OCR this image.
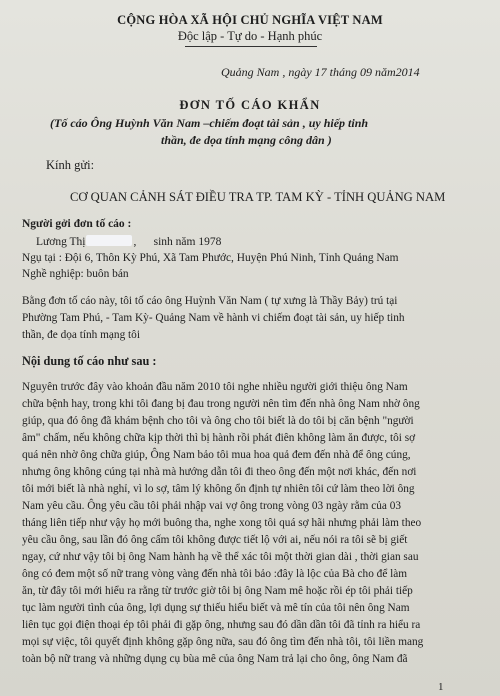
CỘNG HÒA XÃ HỘI CHỦ NGHĨA VIỆT NAM
Độc lập - Tự do - Hạnh phúc
Quảng Nam , ngày 17 tháng 09 năm2014
ĐƠN TỐ CÁO KHẨN
(Tố cáo Ông Huỳnh Văn Nam –chiếm đoạt tài sản , uy hiếp tinh
thần, đe dọa tính mạng công dân )
Kính gửi:
CƠ QUAN CẢNH SÁT ĐIỀU TRA TP. TAM KỲ - TỈNH QUẢNG NAM
Người gởi đơn tố cáo :
Lương Thị	,      sinh năm 1978
Ngụ tại : Đội 6, Thôn Kỳ Phú, Xã Tam Phước, Huyện Phú Ninh, Tỉnh Quảng Nam
Nghề nghiệp: buôn bán
Bằng đơn tố cáo này, tôi tố cáo ông Huỳnh Văn Nam ( tự xưng là Thầy Bảy) trú tại
Phường Tam Phú, - Tam Kỳ- Quảng Nam về hành vi chiếm đoạt tài sản, uy hiếp tinh
thần, đe dọa tính mạng tôi
Nội dung tố cáo như sau :
Nguyên trước đây vào khoản đầu năm 2010 tôi nghe nhiều người giới thiệu ông Nam
chữa bệnh hay, trong khi tôi đang bị đau trong người nên tìm đến nhà ông Nam nhờ ông
giúp, qua đó ông đã khám bệnh cho tôi và ông cho tôi biết là do tôi bị căn bệnh "người
âm" chấm, nếu không chữa kịp thời thì bị hành rồi phát điên không làm ăn được, tôi sợ
quá nên nhờ ông chữa giúp, Ông Nam bảo tôi mua hoa quả đem đến nhà để ông cúng,
nhưng ông không cúng tại nhà mà hướng dẫn tôi đi theo ông đến một nơi khác, đến nơi
tôi mới biết là nhà nghỉ, vì lo sợ, tâm lý không ổn định tự nhiên tôi cứ làm theo lời ông
Nam yêu cầu. Ông yêu cầu tôi phải nhập vai vợ ông trong vòng 03 ngày rằm của 03
tháng liên tiếp như vậy họ mới buông tha, nghe xong tôi quá sợ hãi nhưng phải làm theo
yêu cầu ông, sau lần đó ông cấm tôi không được tiết lộ với ai, nếu nói ra tôi sẽ bị giết
ngay, cứ như vậy tôi bị ông Nam hành hạ về thể xác tôi một thời gian dài , thời gian sau
ông có đem một số nữ trang vòng vàng đến nhà tôi bảo :đây là lộc của Bà cho để làm
ăn, từ đây tôi mới hiểu ra rằng từ trước giờ tôi bị ông Nam mê hoặc rồi ép tôi phải tiếp
tục làm người tình của ông, lợi dụng sự thiếu hiểu biết và mê tín của tôi nên ông Nam
liên tục gọi điện thoại ép tôi phải đi gặp ông, nhưng sau đó dần dần tôi đã tỉnh ra hiểu ra
mọi sự việc, tôi quyết định không gặp ông nữa, sau đó ông tìm đến nhà tôi, tôi liền mang
toàn bộ nữ trang và những dụng cụ bùa mê của ông Nam trả lại cho ông, ông Nam đã
1
